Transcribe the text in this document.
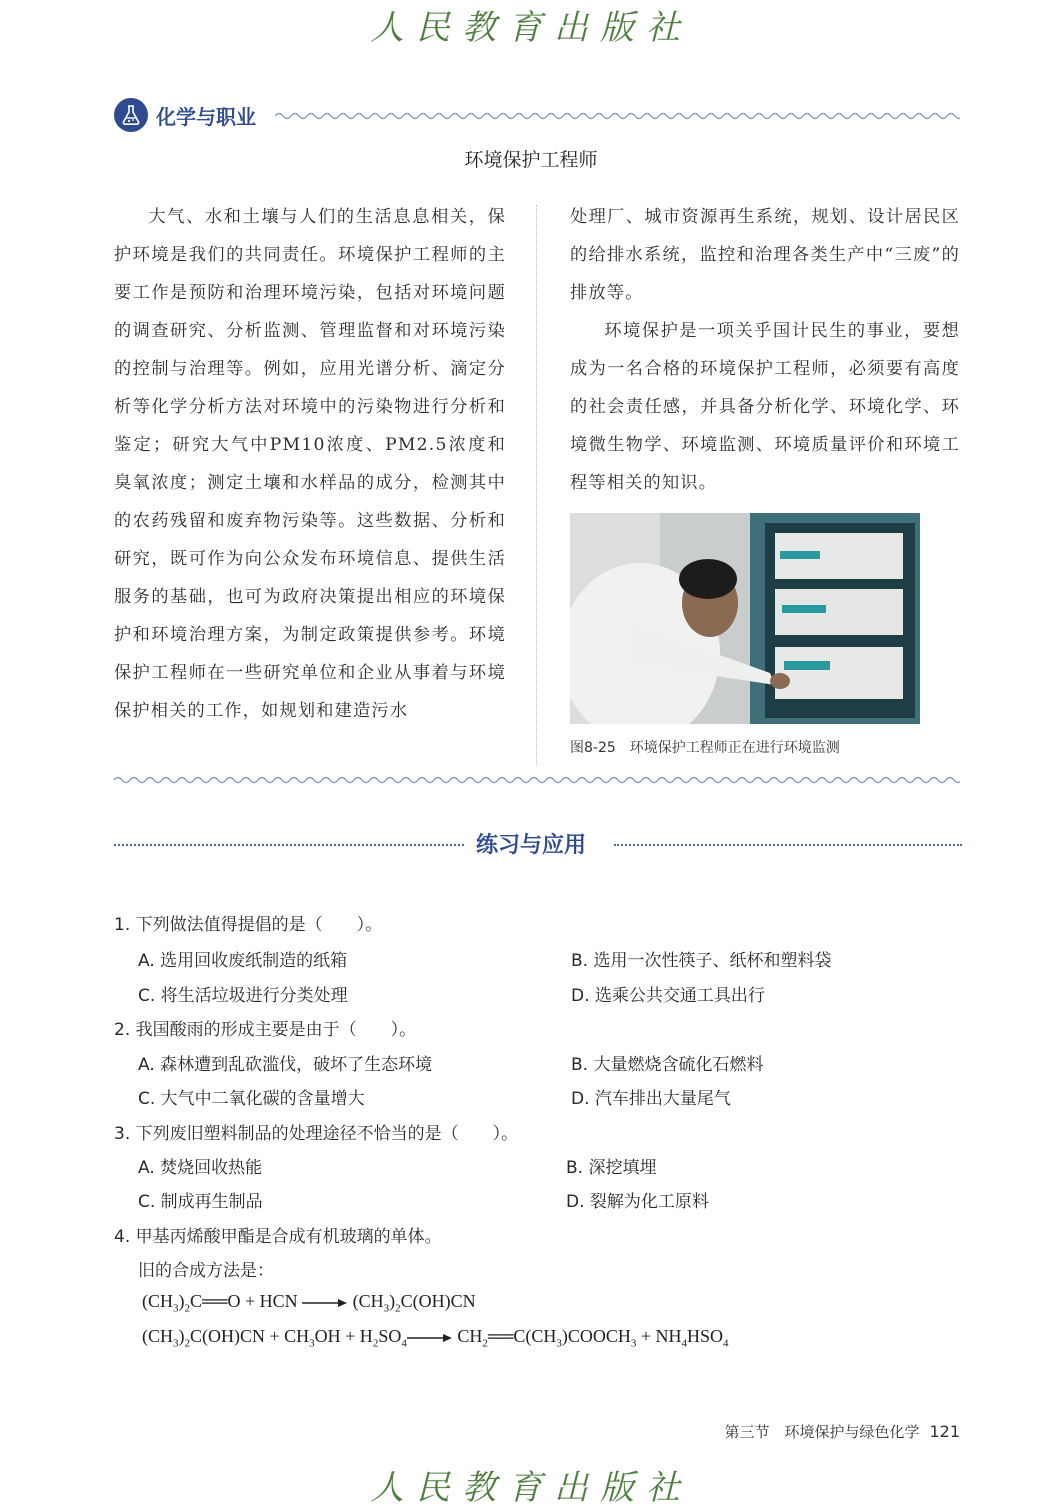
人民教育出版社
化学与职业
环境保护工程师

大气、水和土壤与人们的生活息息相关，保护环境是我们的共同责任。环境保护工程师的主要工作是预防和治理环境污染，包括对环境问题的调查研究、分析监测、管理监督和对环境污染的控制与治理等。例如，应用光谱分析、滴定分析等化学分析方法对环境中的污染物进行分析和鉴定；研究大气中PM10浓度、PM2.5浓度和臭氧浓度；测定土壤和水样品的成分，检测其中的农药残留和废弃物污染等。这些数据、分析和研究，既可作为向公众发布环境信息、提供生活服务的基础，也可为政府决策提出相应的环境保护和环境治理方案，为制定政策提供参考。环境保护工程师在一些研究单位和企业从事着与环境保护相关的工作，如规划和建造污水

处理厂、城市资源再生系统，规划、设计居民区的给排水系统，监控和治理各类生产中“三废”的排放等。

环境保护是一项关乎国计民生的事业，要想成为一名合格的环境保护工程师，必须要有高度的社会责任感，并具备分析化学、环境化学、环境微生物学、环境监测、环境质量评价和环境工程等相关的知识。

图8-25　环境保护工程师正在进行环境监测
练习与应用
1. 下列做法值得提倡的是（　　）。
A. 选用回收废纸制造的纸箱	B. 选用一次性筷子、纸杯和塑料袋
C. 将生活垃圾进行分类处理	D. 选乘公共交通工具出行
2. 我国酸雨的形成主要是由于（　　）。
A. 森林遭到乱砍滥伐，破坏了生态环境	B. 大量燃烧含硫化石燃料
C. 大气中二氧化碳的含量增大	D. 汽车排出大量尾气
3. 下列废旧塑料制品的处理途径不恰当的是（　　）。
A. 焚烧回收热能	B. 深挖填埋
C. 制成再生制品	D. 裂解为化工原料
4. 甲基丙烯酸甲酯是合成有机玻璃的单体。
旧的合成方法是：
$(CH_3)_2C══O$ + HCN	$(CH_3)_2C(OH)CN$
$(CH_3)_2C(OH)CN + CH_3OH + H_2SO_4$	$CH_2══C(CH_3)COOCH_3 + NH_4HSO_4$
第三节　环境保护与绿色化学 121
人民教育出版社
